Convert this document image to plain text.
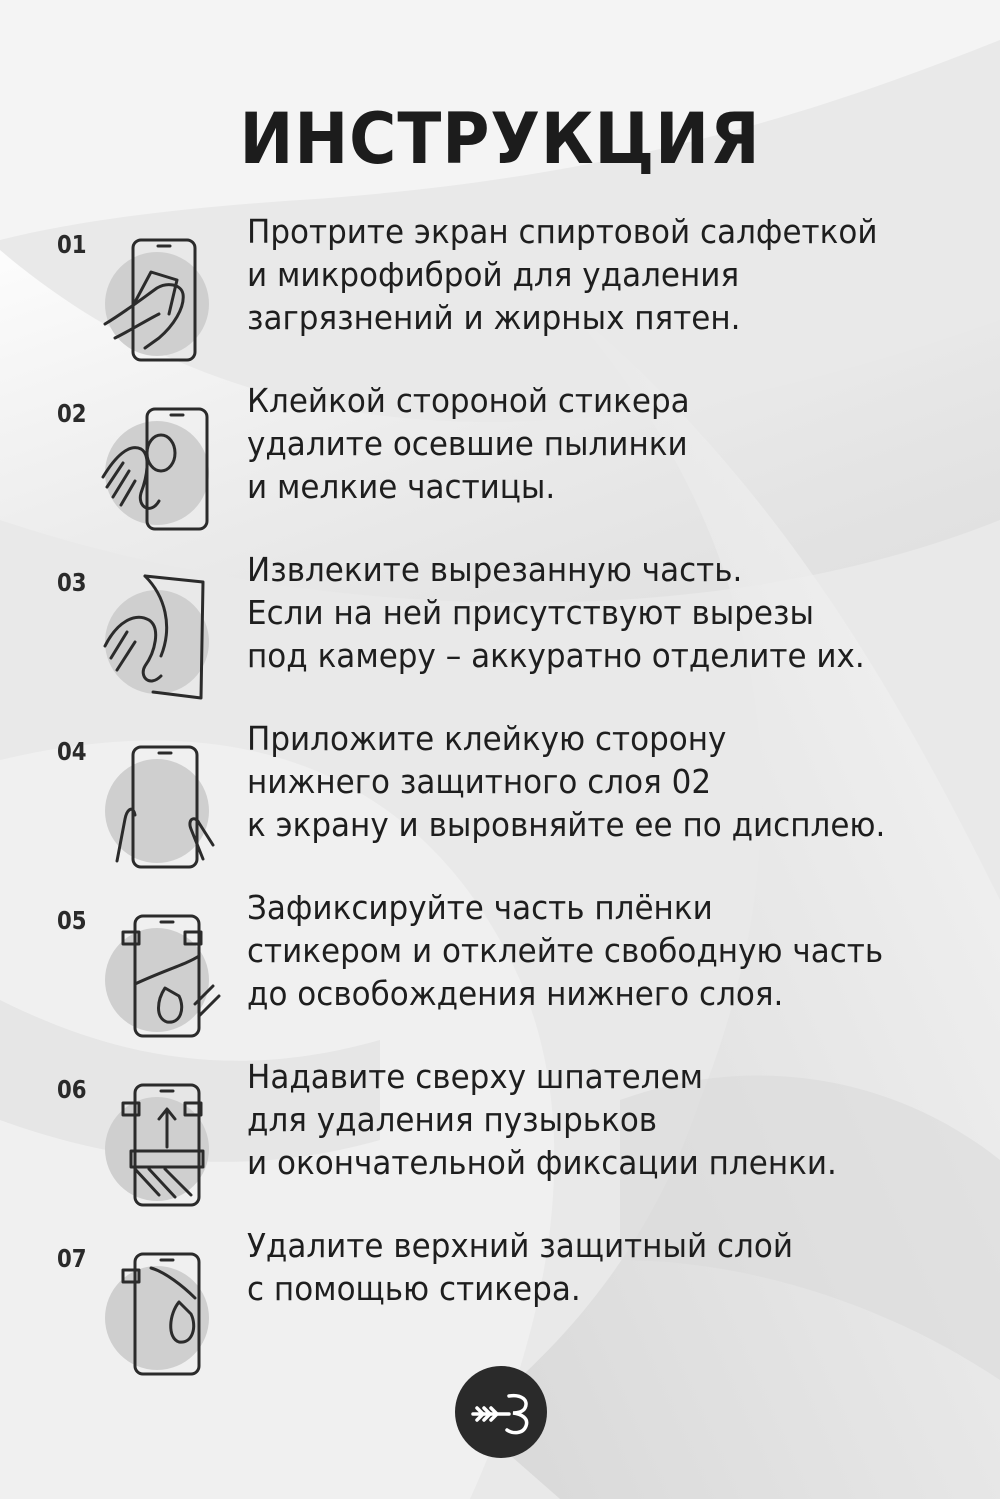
ИНСТРУКЦИЯ
01	Протрите экран спиртовой салфеткой
и микрофиброй для удаления
загрязнений и жирных пятен.
02	Клейкой стороной стикера
удалите осевшие пылинки
и мелкие частицы.
03	Извлеките вырезанную часть.
Если на ней присутствуют вырезы
под камеру – аккуратно отделите их.
04	Приложите клейкую сторону
нижнего защитного слоя 02
к экрану и выровняйте ее по дисплею.
05	Зафиксируйте часть плёнки
стикером и отклейте свободную часть
до освобождения нижнего слоя.
06	Надавите сверху шпателем
для удаления пузырьков
и окончательной фиксации пленки.
07	Удалите верхний защитный слой
с помощью стикера.
